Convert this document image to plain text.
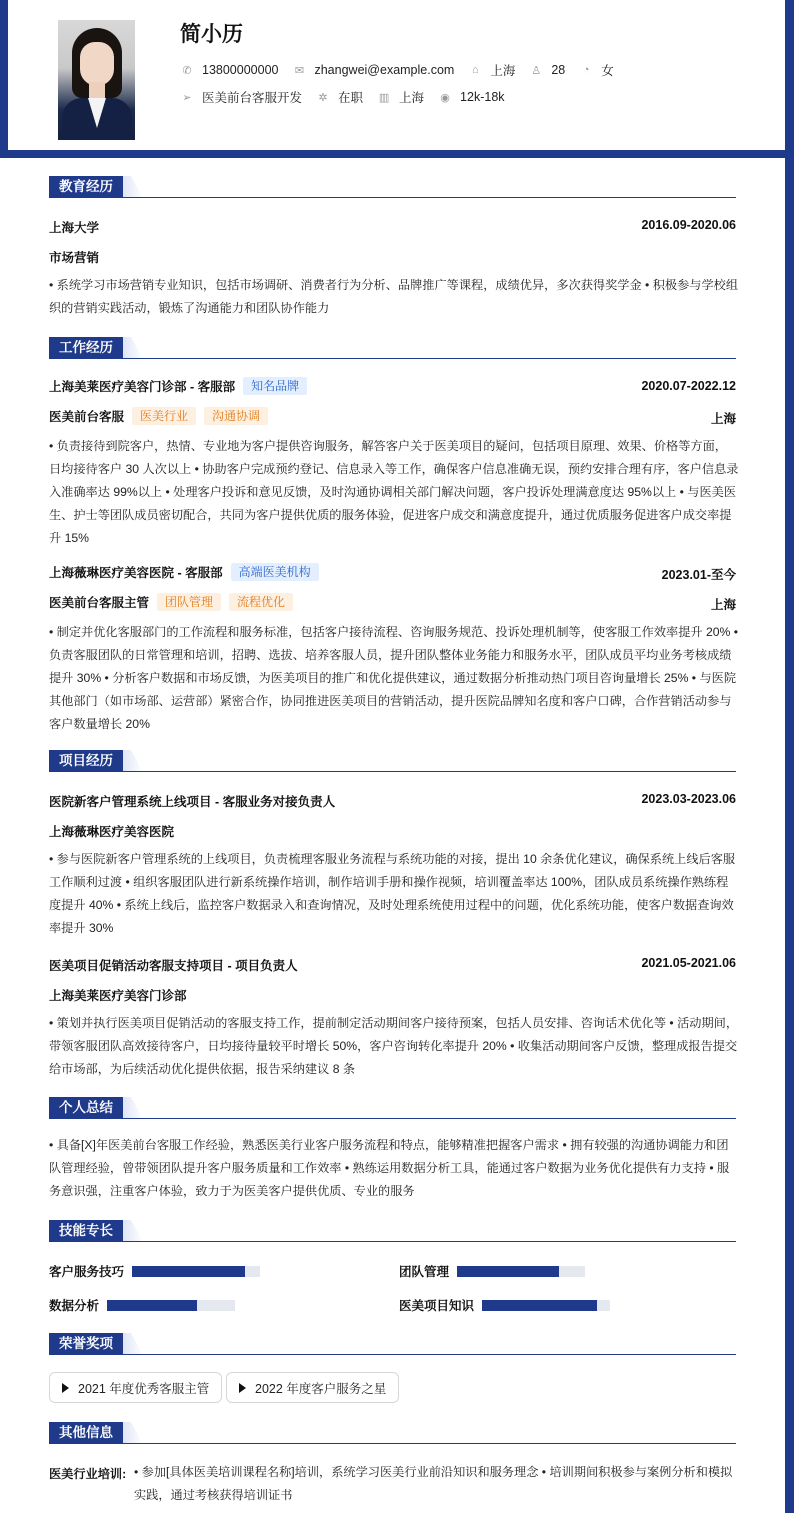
简小历
✆ 13800000000 ✉ zhangwei@example.com	⌂ 上海 ♙ 28	◔ 女
➢ 医美前台客服开发 ✲ 在职 ▥ 上海 ◉ 12k-18k
教育经历
上海大学	2016.09-2020.06
市场营销
• 系统学习市场营销专业知识，包括市场调研、消费者行为分析、品牌推广等课程，成绩优异，多次获得奖学金 • 积极参与学校组织的营销实践活动，锻炼了沟通能力和团队协作能力
工作经历
上海美莱医疗美容门诊部 - 客服部	知名品牌	2020.07-2022.12
医美前台客服	医美行业	沟通协调	上海
• 负责接待到院客户，热情、专业地为客户提供咨询服务，解答客户关于医美项目的疑问，包括项目原理、效果、价格等方面，日均接待客户 30 人次以上 • 协助客户完成预约登记、信息录入等工作，确保客户信息准确无误，预约安排合理有序，客户信息录入准确率达 99%以上 • 处理客户投诉和意见反馈，及时沟通协调相关部门解决问题，客户投诉处理满意度达 95%以上 • 与医美医生、护士等团队成员密切配合，共同为客户提供优质的服务体验，促进客户成交和满意度提升，通过优质服务促进客户成交率提升 15%
上海薇琳医疗美容医院 - 客服部	高端医美机构	2023.01-至今
医美前台客服主管	团队管理	流程优化	上海
• 制定并优化客服部门的工作流程和服务标准，包括客户接待流程、咨询服务规范、投诉处理机制等，使客服工作效率提升 20% • 负责客服团队的日常管理和培训，招聘、选拔、培养客服人员，提升团队整体业务能力和服务水平，团队成员平均业务考核成绩提升 30% • 分析客户数据和市场反馈，为医美项目的推广和优化提供建议，通过数据分析推动热门项目咨询量增长 25% • 与医院其他部门（如市场部、运营部）紧密合作，协同推进医美项目的营销活动，提升医院品牌知名度和客户口碑，合作营销活动参与客户数量增长 20%
项目经历
医院新客户管理系统上线项目 - 客服业务对接负责人	2023.03-2023.06
上海薇琳医疗美容医院
• 参与医院新客户管理系统的上线项目，负责梳理客服业务流程与系统功能的对接，提出 10 余条优化建议，确保系统上线后客服工作顺利过渡 • 组织客服团队进行新系统操作培训，制作培训手册和操作视频，培训覆盖率达 100%，团队成员系统操作熟练程度提升 40% • 系统上线后，监控客户数据录入和查询情况，及时处理系统使用过程中的问题，优化系统功能，使客户数据查询效率提升 30%
医美项目促销活动客服支持项目 - 项目负责人	2021.05-2021.06
上海美莱医疗美容门诊部
• 策划并执行医美项目促销活动的客服支持工作，提前制定活动期间客户接待预案，包括人员安排、咨询话术优化等 • 活动期间，带领客服团队高效接待客户，日均接待量较平时增长 50%，客户咨询转化率提升 20% • 收集活动期间客户反馈，整理成报告提交给市场部，为后续活动优化提供依据，报告采纳建议 8 条
个人总结
• 具备[X]年医美前台客服工作经验，熟悉医美行业客户服务流程和特点，能够精准把握客户需求 • 拥有较强的沟通协调能力和团队管理经验，曾带领团队提升客户服务质量和工作效率 • 熟练运用数据分析工具，能通过客户数据为业务优化提供有力支持 • 服务意识强，注重客户体验，致力于为医美客户提供优质、专业的服务
技能专长
客户服务技巧	团队管理
数据分析	医美项目知识
荣誉奖项
2021 年度优秀客服主管	2022 年度客户服务之星
其他信息
医美行业培训: • 参加[具体医美培训课程名称]培训，系统学习医美行业前沿知识和服务理念 • 培训期间积极参与案例分析和模拟实践，通过考核获得培训证书
